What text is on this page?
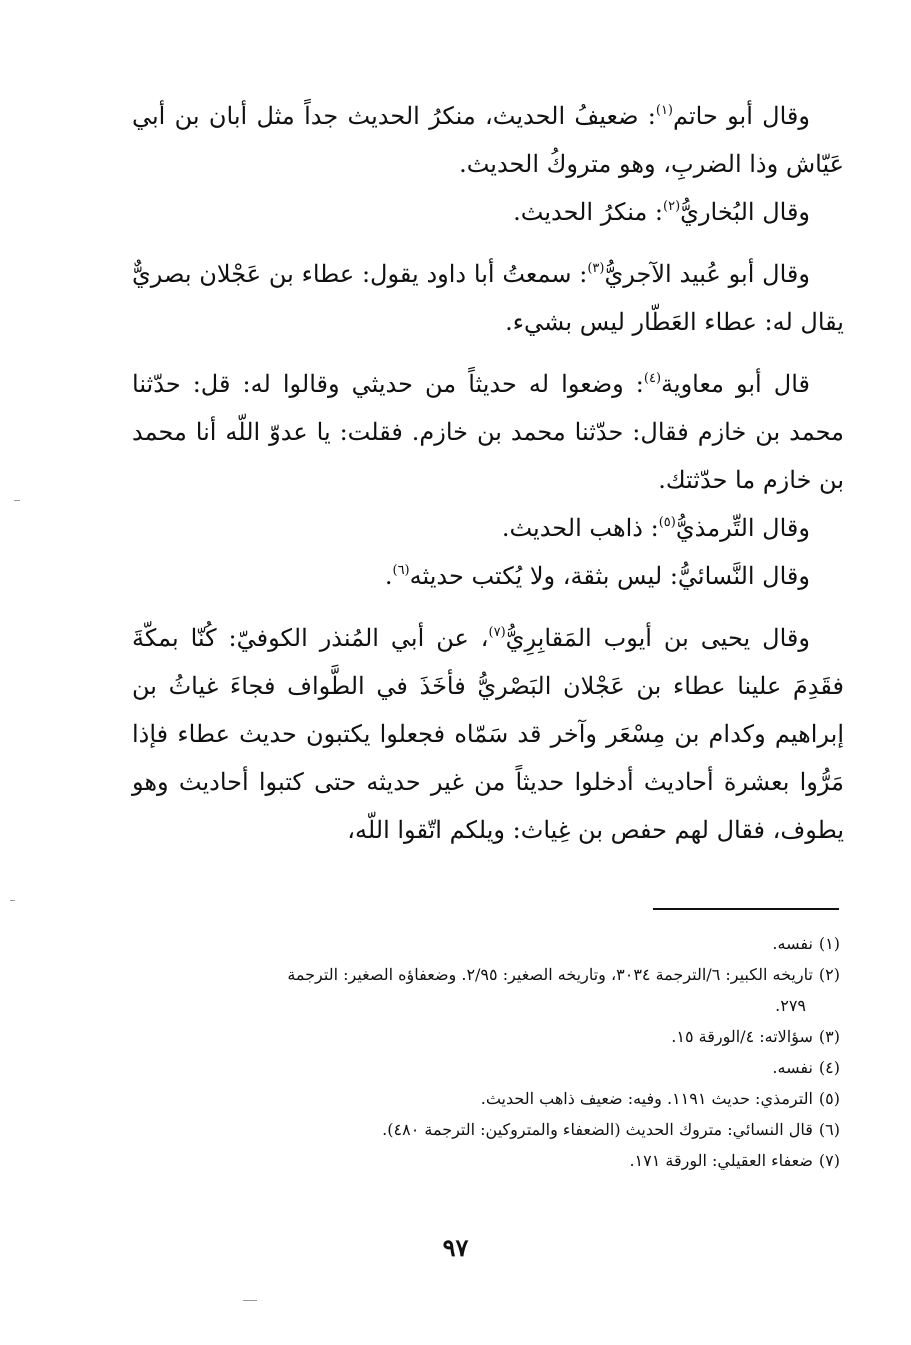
وقال أبو حاتم$^{(١)}$: ضعيفُ الحديث، منكرُ الحديث جداً مثل أبان بن أبي عَيّاش وذا الضربِ، وهو متروكُ الحديث.

وقال البُخاريُّ$^{(٢)}$: منكرُ الحديث.

وقال أبو عُبيد الآجريُّ$^{(٣)}$: سمعتُ أبا داود يقول: عطاء بن عَجْلان بصريٌّ يقال له: عطاء العَطّار ليس بشيء.

قال أبو معاوية$^{(٤)}$: وضعوا له حديثاً من حديثي وقالوا له: قل: حدّثنا محمد بن خازم فقال: حدّثنا محمد بن خازم. فقلت: يا عدوّ اللّه أنا محمد بن خازم ما حدّثتك.

وقال التِّرمذيُّ$^{(٥)}$: ذاهب الحديث.

وقال النَّسائيُّ: ليس بثقة، ولا يُكتب حديثه$^{(٦)}$.

وقال يحيى بن أيوب المَقابِرِيُّ$^{(٧)}$، عن أبي المُنذر الكوفيّ: كُنّا بمكّةَ فقَدِمَ علينا عطاء بن عَجْلان البَصْريُّ فأخَذَ في الطَّواف فجاءَ غياثُ بن إبراهيم وكدام بن مِسْعَر وآخر قد سَمّاه فجعلوا يكتبون حديث عطاء فإذا مَرُّوا بعشرة أحاديث أدخلوا حديثاً من غير حديثه حتى كتبوا أحاديث وهو يطوف، فقال لهم حفص بن غِياث: ويلكم اتّقوا اللّه،

(١)نفسه.

(٢)تاريخه الكبير: ٦/الترجمة ٣٠٣٤، وتاريخه الصغير: ٢/٩٥. وضعفاؤه الصغير: الترجمة
٢٧٩.

(٣)سؤالاته: ٤/الورقة ١٥.

(٤)نفسه.

(٥)الترمذي: حديث ١١٩١. وفيه: ضعيف ذاهب الحديث.

(٦)قال النسائي: متروك الحديث (الضعفاء والمتروكين: الترجمة ٤٨٠).

(٧)ضعفاء العقيلي: الورقة ١٧١.

٩٧
